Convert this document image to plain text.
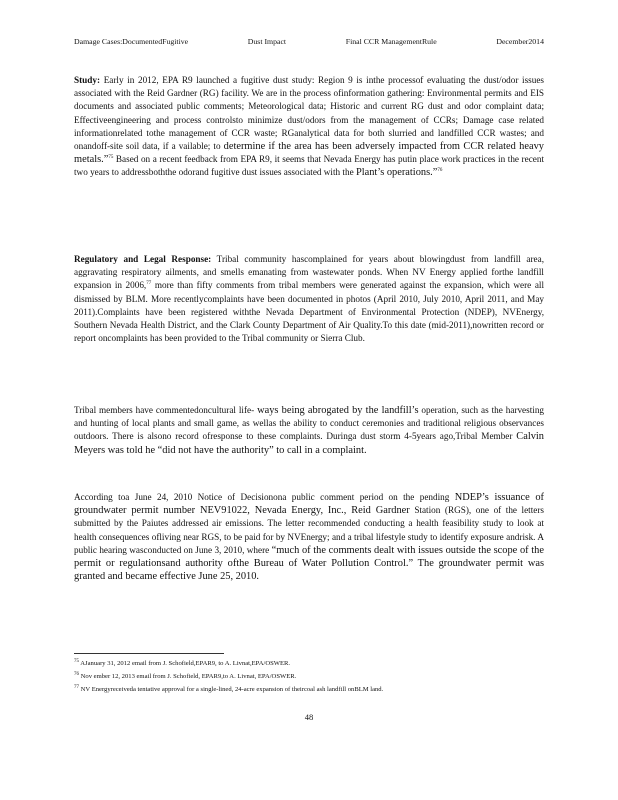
Damage Cases:DocumentedFugitive	Dust Impact	Final CCR ManagementRule	December2014

Study: Early in 2012, EPA R9 launched a fugitive dust study: Region 9 is inthe processof evaluating the dust/odor issues associated with the Reid Gardner (RG) facility. We are in the process ofinformation gathering: Environmental permits and EIS documents and associated public comments; Meteorological data; Historic and current RG dust and odor complaint data; Effectiveengineering and process controlsto minimize dust/odors from the management of CCRs; Damage case related informationrelated tothe management of CCR waste; RGanalytical data for both slurried and landfilled CCR wastes; and onandoff-site soil data, if a vailable; to determine if the area has been adversely impacted from CCR related heavy metals.”$^{75}$ Based on a recent feedback from EPA R9, it seems that Nevada Energy has putin place work practices in the recent two years to addressboththe odorand fugitive dust issues associated with the Plant’s operations.”$^{76}$

Regulatory and Legal Response: Tribal community hascomplained for years about blowingdust from landfill area, aggravating respiratory ailments, and smells emanating from wastewater ponds. When NV Energy applied forthe landfill expansion in 2006,77 more than fifty comments from tribal members were generated against the expansion, which were all dismissed by BLM. More recentlycomplaints have been documented in photos (April 2010, July 2010, April 2011, and May 2011).Complaints have been registered withthe Nevada Department of Environmental Protection (NDEP), NVEnergy, Southern Nevada Health District, and the Clark County Department of Air Quality.To this date (mid-2011),nowritten record or report oncomplaints has been provided to the Tribal community or Sierra Club.

Tribal members have commentedoncultural life- ways being abrogated by the landfill’s operation, such as the harvesting and hunting of local plants and small game, as wellas the ability to conduct ceremonies and traditional religious observances outdoors. There is alsono record ofresponse to these complaints. Duringa dust storm 4-5years ago,Tribal Member Calvin Meyers was told he “did not have the authority” to call in a complaint.

According toa June 24, 2010 Notice of Decisionona public comment period on the pending NDEP’s issuance of groundwater permit number NEV91022, Nevada Energy, Inc., Reid Gardner Station (RGS), one of the letters submitted by the Paiutes addressed air emissions. The letter recommended conducting a health feasibility study to look at health consequences ofliving near RGS, to be paid for by NVEnergy; and a tribal lifestyle study to identify exposure andrisk. A public hearing wasconducted on June 3, 2010, where “much of the comments dealt with issues outside the scope of the permit or regulationsand authority ofthe Bureau of Water Pollution Control.” The groundwater permit was granted and became effective June 25, 2010.

$^{75}$ AJanuary 31, 2012 email from J. Schofield,EPAR9, to A. Livnat,EPA/OSWER.

$^{76}$ Nov ember 12, 2013 email from J. Schofield, EPAR9,to A. Livnat, EPA/OSWER.

$^{77}$ NV Energyreceiveda tentative approval for a single-lined, 24-acre expansion of theircoal ash landfill onBLM land.

48
